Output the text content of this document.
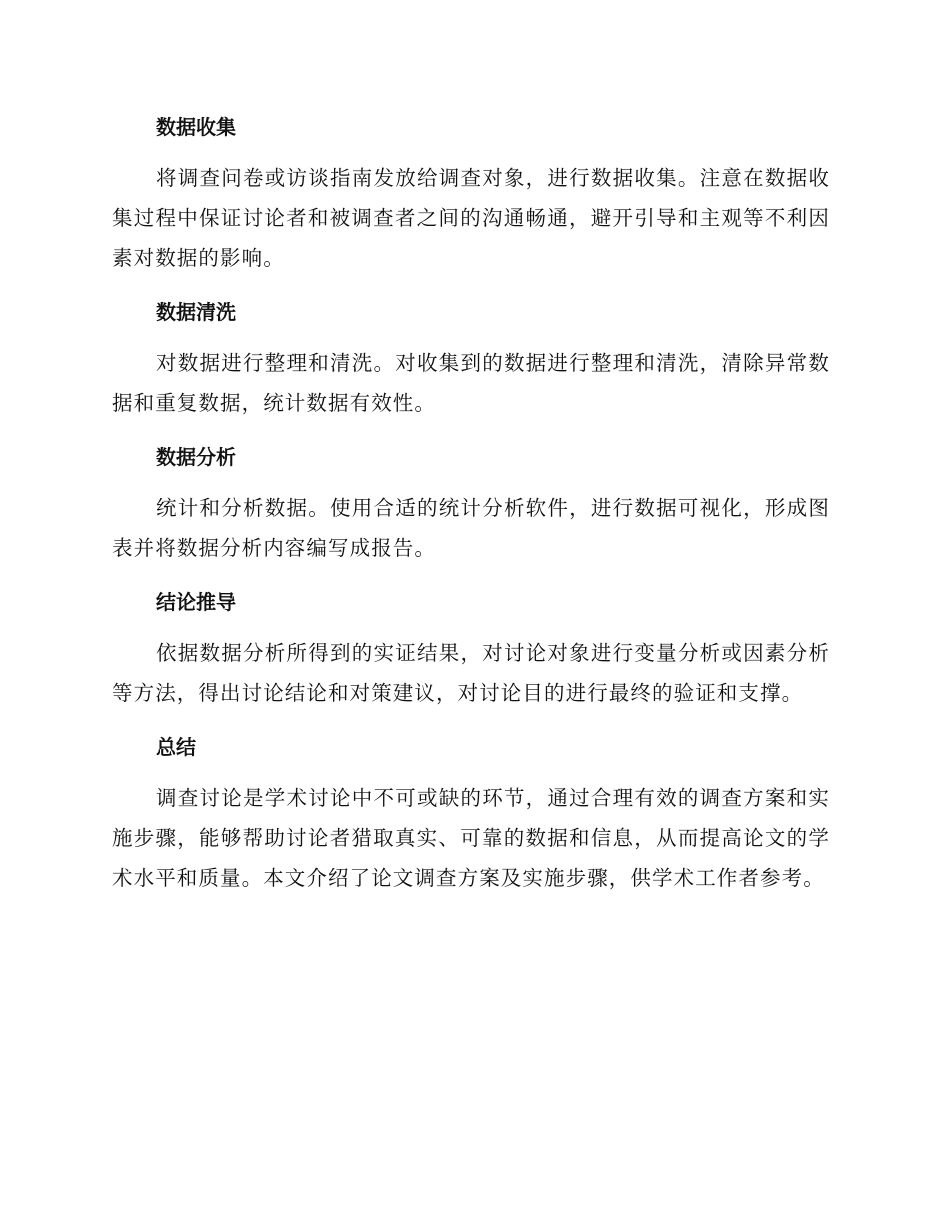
数据收集

将调查问卷或访谈指南发放给调查对象，进行数据收集。注意在数据收集过程中保证讨论者和被调查者之间的沟通畅通，避开引导和主观等不利因素对数据的影响。

数据清洗

对数据进行整理和清洗。对收集到的数据进行整理和清洗，清除异常数据和重复数据，统计数据有效性。

数据分析

统计和分析数据。使用合适的统计分析软件，进行数据可视化，形成图表并将数据分析内容编写成报告。

结论推导

依据数据分析所得到的实证结果，对讨论对象进行变量分析或因素分析等方法，得出讨论结论和对策建议，对讨论目的进行最终的验证和支撑。

总结

调查讨论是学术讨论中不可或缺的环节，通过合理有效的调查方案和实施步骤，能够帮助讨论者猎取真实、可靠的数据和信息，从而提高论文的学术水平和质量。本文介绍了论文调查方案及实施步骤，供学术工作者参考。
